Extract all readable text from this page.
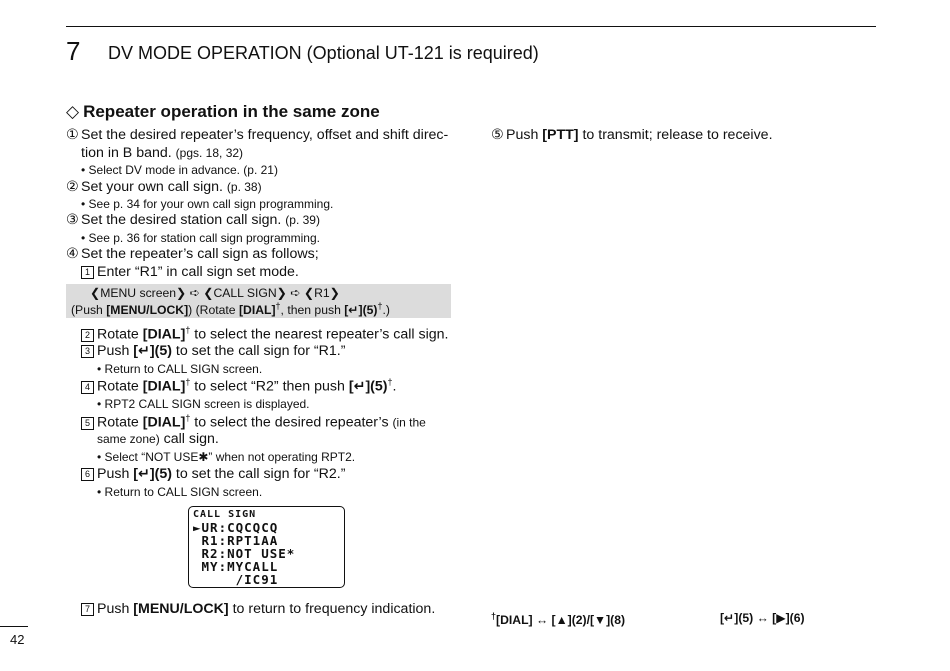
7 DV MODE OPERATION (Optional UT-121 is required)
◇ Repeater operation in the same zone
① Set the desired repeater’s frequency, offset and shift direc-
tion in B band. (pgs. 18, 32)
• Select DV mode in advance. (p. 21)
② Set your own call sign. (p. 38)
• See p. 34 for your own call sign programming.
③ Set the desired station call sign. (p. 39)
• See p. 36 for station call sign programming.
④ Set the repeater’s call sign as follows;
1 Enter “R1” in call sign set mode.
❮MENU screen❯ ➪ ❮CALL SIGN❯ ➪ ❮R1❯
(Push [MENU/LOCK]) (Rotate [DIAL]†, then push [↵](5)†.)
2 Rotate [DIAL]† to select the nearest repeater’s call sign.
3 Push [↵](5) to set the call sign for “R1.”
• Return to CALL SIGN screen.
4 Rotate [DIAL]† to select “R2” then push [↵](5)†.
• RPT2 CALL SIGN screen is displayed.
5 Rotate [DIAL]† to select the desired repeater’s (in the
same zone) call sign.
• Select “NOT USE✱” when not operating RPT2.
6 Push [↵](5) to set the call sign for “R2.”
• Return to CALL SIGN screen.
CALL SIGN
►UR:CQCQCQ
R1:RPT1AA
R2:NOT USE*
MY:MYCALL
/IC91
7 Push [MENU/LOCK] to return to frequency indication.
⑤ Push [PTT] to transmit; release to receive.
†[DIAL] ↔ [▲](2)/[▼](8)	[↵](5) ↔ [▶](6)
42
